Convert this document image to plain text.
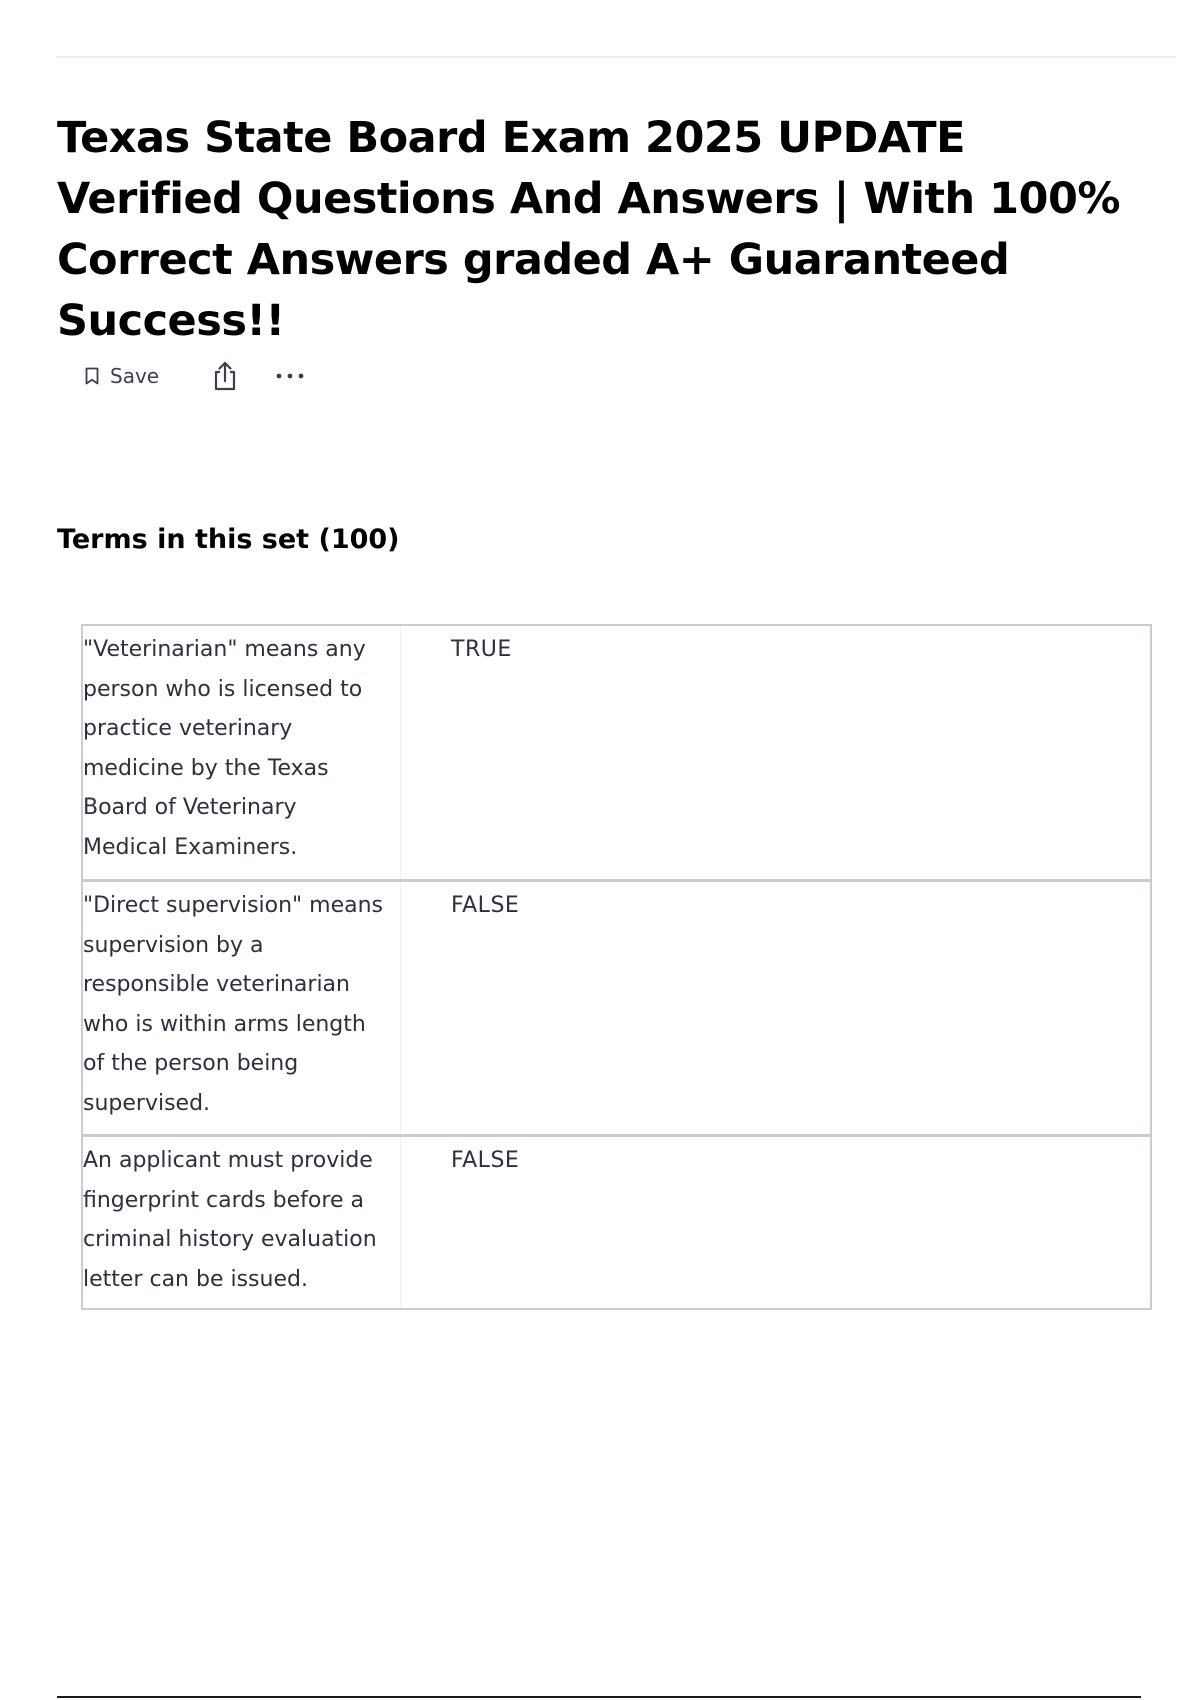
Texas State Board Exam 2025 UPDATE Verified Questions And Answers | With 100% Correct Answers graded A+ Guaranteed Success!!
Save
Terms in this set (100)
"Veterinarian" means any
person who is licensed to
practice veterinary
medicine by the Texas
Board of Veterinary
Medical Examiners.
TRUE
"Direct supervision" means
supervision by a
responsible veterinarian
who is within arms length
of the person being
supervised.
FALSE
An applicant must provide
fingerprint cards before a
criminal history evaluation
letter can be issued.
FALSE
